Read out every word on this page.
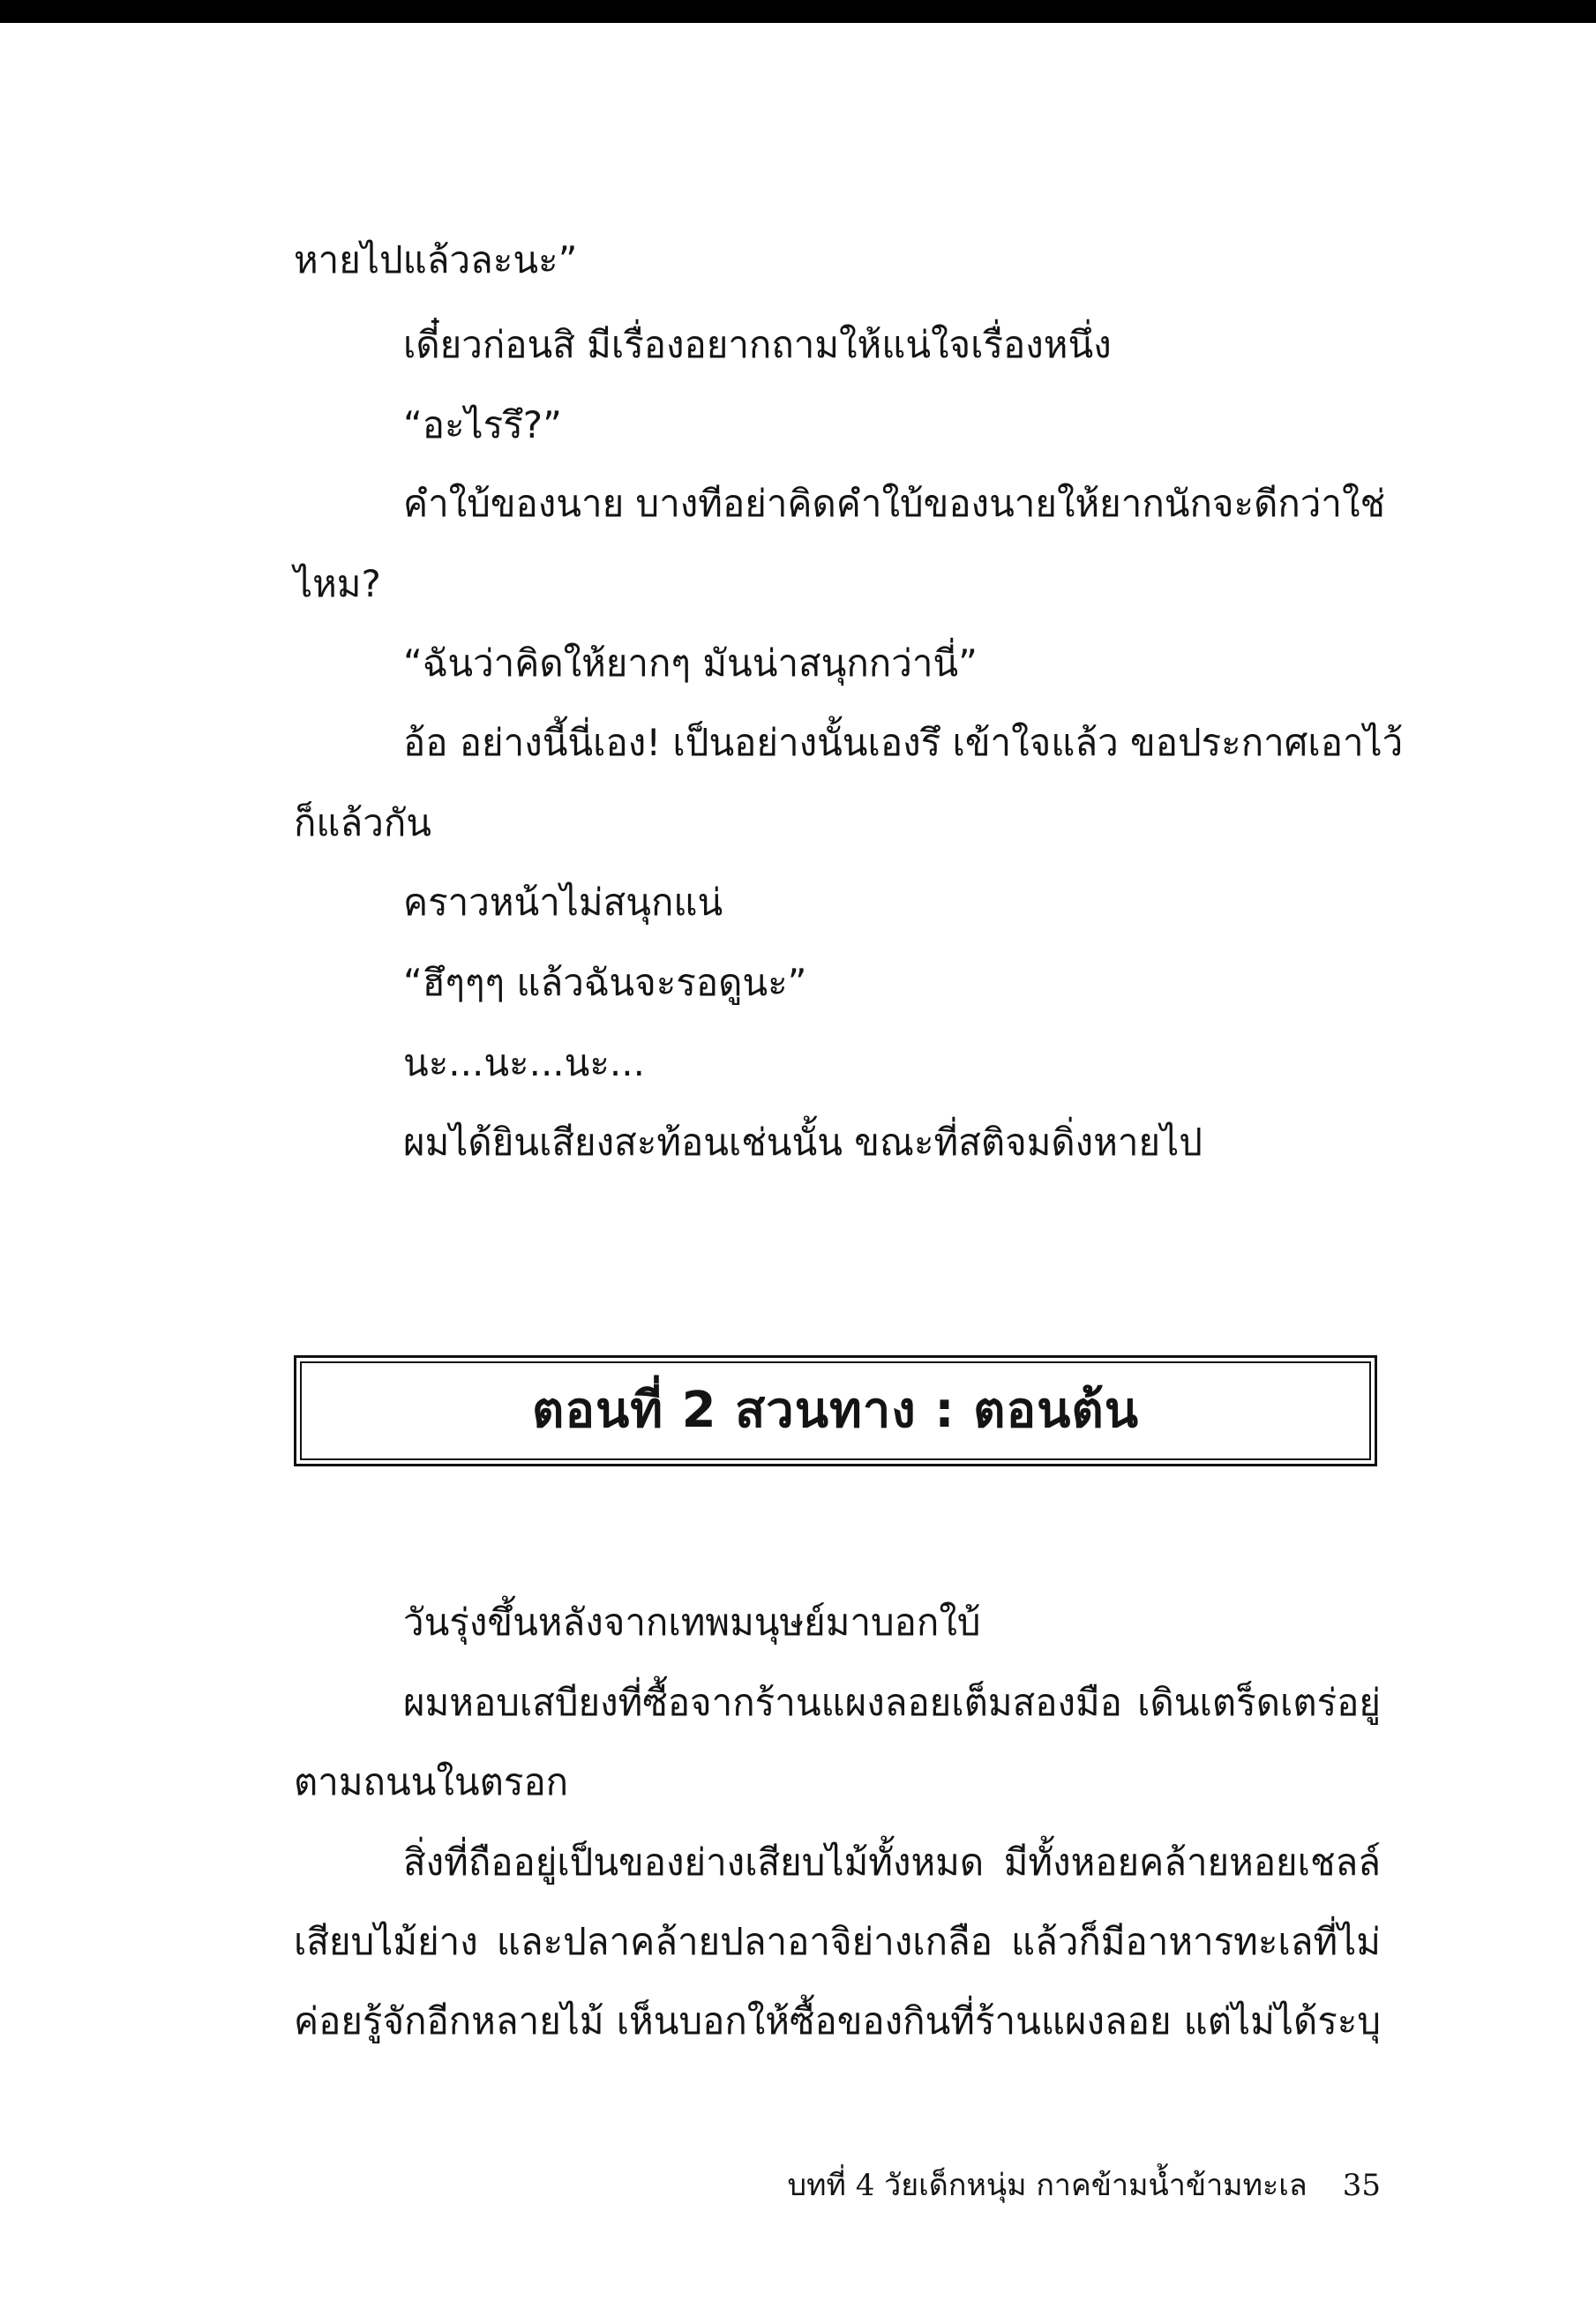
หายไปแล้วละนะ”
เดี๋ยวก่อนสิ มีเรื่องอยากถามให้แน่ใจเรื่องหนึ่ง
“อะไรรึ?”
คำใบ้ของนาย บางทีอย่าคิดคำใบ้ของนายให้ยากนักจะดีกว่าใช่
ไหม?
“ฉันว่าคิดให้ยากๆ มันน่าสนุกกว่านี่”
อ้อ อย่างนี้นี่เอง! เป็นอย่างนั้นเองรึ เข้าใจแล้ว ขอประกาศเอาไว้
ก็แล้วกัน
คราวหน้าไม่สนุกแน่
“ฮึๆๆๆ แล้วฉันจะรอดูนะ”
นะ...นะ...นะ...
ผมได้ยินเสียงสะท้อนเช่นนั้น ขณะที่สติจมดิ่งหายไป
ตอนที่ 2 สวนทาง : ตอนต้น
วันรุ่งขึ้นหลังจากเทพมนุษย์มาบอกใบ้
ผมหอบเสบียงที่ซื้อจากร้านแผงลอยเต็มสองมือ เดินเตร็ดเตร่อยู่
ตามถนนในตรอก
สิ่งที่ถืออยู่เป็นของย่างเสียบไม้ทั้งหมด มีทั้งหอยคล้ายหอยเชลล์
เสียบไม้ย่าง และปลาคล้ายปลาอาจิย่างเกลือ แล้วก็มีอาหารทะเลที่ไม่
ค่อยรู้จักอีกหลายไม้ เห็นบอกให้ซื้อของกินที่ร้านแผงลอย แต่ไม่ได้ระบุ
บทที่ 4 วัยเด็กหนุ่ม กาคข้ามน้ำข้ามทะเล 35
